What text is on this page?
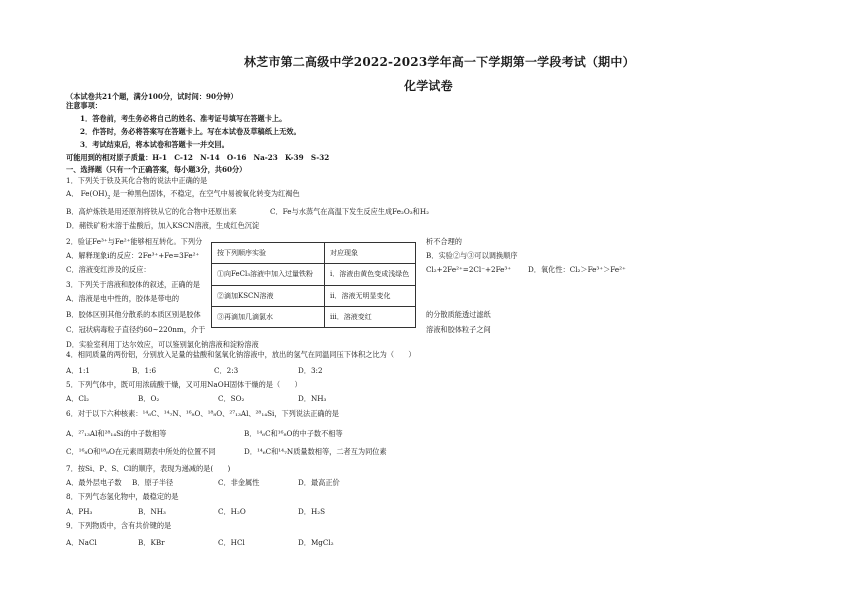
林芝市第二高级中学2022-2023学年高一下学期第一学段考试（期中）
化学试卷
（本试卷共21个题，满分100分，试时间：90分钟）
注意事项：
1．答卷前，考生务必将自己的姓名、准考证号填写在答题卡上。
2．作答时，务必将答案写在答题卡上。写在本试卷及草稿纸上无效。
3．考试结束后，将本试卷和答题卡一并交回。
可能用到的相对原子质量：H-1　C-12　N-14　O-16　Na-23　K-39　S-32
一、选择题（只有一个正确答案，每小题3分，共60分）
1．下列关于铁及其化合物的说法中正确的是
A． $Fe(OH)_2$ 是一种黑色固体，不稳定，在空气中易被氧化转变为红褐色
B．高炉炼铁是用还原剂将铁从它的化合物中还原出来	C．Fe与水蒸气在高温下发生反应生成Fe₂O₃和H₂
D．赭铁矿粉末溶于盐酸后，加入KSCN溶液，生成红色沉淀
2．验证Fe³⁺与Fe²⁺能够相互转化。下列分	析不合理的
A．解释现象ⅰ的反应：2Fe³⁺+Fe=3Fe²⁺	B．实验②与③可以调换顺序
C．溶液变红涉及的反应：	Cl₂+2Fe²⁺=2Cl⁻+2Fe³⁺ D．氧化性：Cl₂＞Fe³⁺＞Fe²⁺
按下列顺序实验	对应现象
①向FeCl₃溶液中加入过量铁粉	ⅰ．溶液由黄色变成浅绿色
②滴加KSCN溶液	ⅱ．溶液无明显变化
③再滴加几滴氯水	ⅲ．溶液变红
3．下列关于溶液和胶体的叙述，正确的是
A．溶液是电中性的，胶体是带电的
B．胶体区别其他分散系的本质区别是胶体	的分散质能透过滤纸
C．冠状病毒粒子直径约60~220nm，介于	溶液和胶体粒子之间
D．实验室利用丁达尔效应，可以鉴别氯化钠溶液和淀粉溶液
4．相同质量的两份铝，分别放入足量的盐酸和氢氧化钠溶液中，放出的氢气在同温同压下体积之比为（　　）
A．1:1	B．1:6	C．2:3	D．3:2
5．下列气体中，既可用浓硫酸干燥，又可用NaOH固体干燥的是（　　）
A．Cl₂	B．O₂	C．SO₂	D．NH₃
6．对于以下六种核素：¹⁴₆C、¹⁴₇N、¹⁶₈O、¹⁸₈O、²⁷₁₃Al、²⁸₁₄Si，下列说法正确的是
A．²⁷₁₃Al和²⁸₁₄Si的中子数相等	B．¹⁴₆C和¹⁶₈O的中子数不相等
C．¹⁶₈O和¹⁸₈O在元素周期表中所处的位置不同	D．¹⁴₆C和¹⁴₇N质量数相等，二者互为同位素
7．按Si、P、S、Cl的顺序，表现为递减的是(　　)
A．最外层电子数 B．原子半径	C．非金属性	D．最高正价
8．下列气态氢化物中，最稳定的是
A．PH₃	B．NH₃	C．H₂O	D．H₂S
9．下列物质中，含有共价键的是
A．NaCl	B．KBr	C．HCl	D．MgCl₂
